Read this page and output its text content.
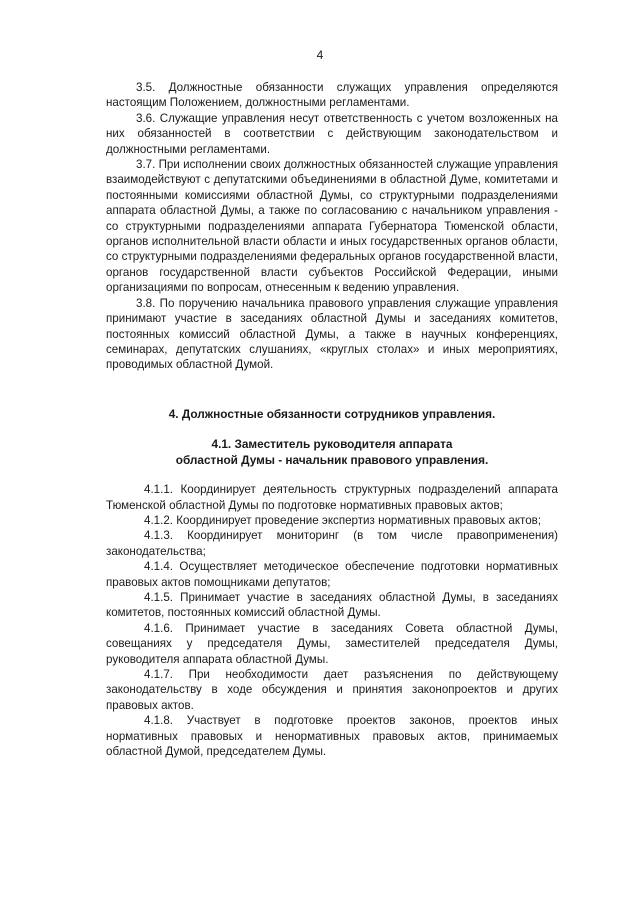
4

3.5. Должностные обязанности служащих управления определяются настоящим Положением, должностными регламентами.

3.6. Служащие управления несут ответственность с учетом возложенных на них обязанностей в соответствии с действующим законодательством и должностными регламентами.

3.7. При исполнении своих должностных обязанностей служащие управления взаимодействуют с депутатскими объединениями в областной Думе, комитетами и постоянными комиссиями областной Думы, со структурными подразделениями аппарата областной Думы, а также по согласованию с начальником управления - со структурными подразделениями аппарата Губернатора Тюменской области, органов исполнительной власти области и иных государственных органов области, со структурными подразделениями федеральных органов государственной власти, органов государственной власти субъектов Российской Федерации, иными организациями по вопросам, отнесенным к ведению управления.

3.8. По поручению начальника правового управления служащие управления принимают участие в заседаниях областной Думы и заседаниях комитетов, постоянных комиссий областной Думы, а также в научных конференциях, семинарах, депутатских слушаниях, «круглых столах» и иных мероприятиях, проводимых областной Думой.

4. Должностные обязанности сотрудников управления.
4.1. Заместитель руководителя аппарата
областной Думы - начальник правового управления.

4.1.1. Координирует деятельность структурных подразделений аппарата Тюменской областной Думы по подготовке нормативных правовых актов;

4.1.2. Координирует проведение экспертиз нормативных правовых актов;

4.1.3. Координирует мониторинг (в том числе правоприменения) законодательства;

4.1.4. Осуществляет методическое обеспечение подготовки нормативных правовых актов помощниками депутатов;

4.1.5. Принимает участие в заседаниях областной Думы, в заседаниях комитетов, постоянных комиссий областной Думы.

4.1.6. Принимает участие в заседаниях Совета областной Думы, совещаниях у председателя Думы, заместителей председателя Думы, руководителя аппарата областной Думы.

4.1.7. При необходимости дает разъяснения по действующему законодательству в ходе обсуждения и принятия законопроектов и других правовых актов.

4.1.8. Участвует в подготовке проектов законов, проектов иных нормативных правовых и ненормативных правовых актов, принимаемых областной Думой, председателем Думы.
